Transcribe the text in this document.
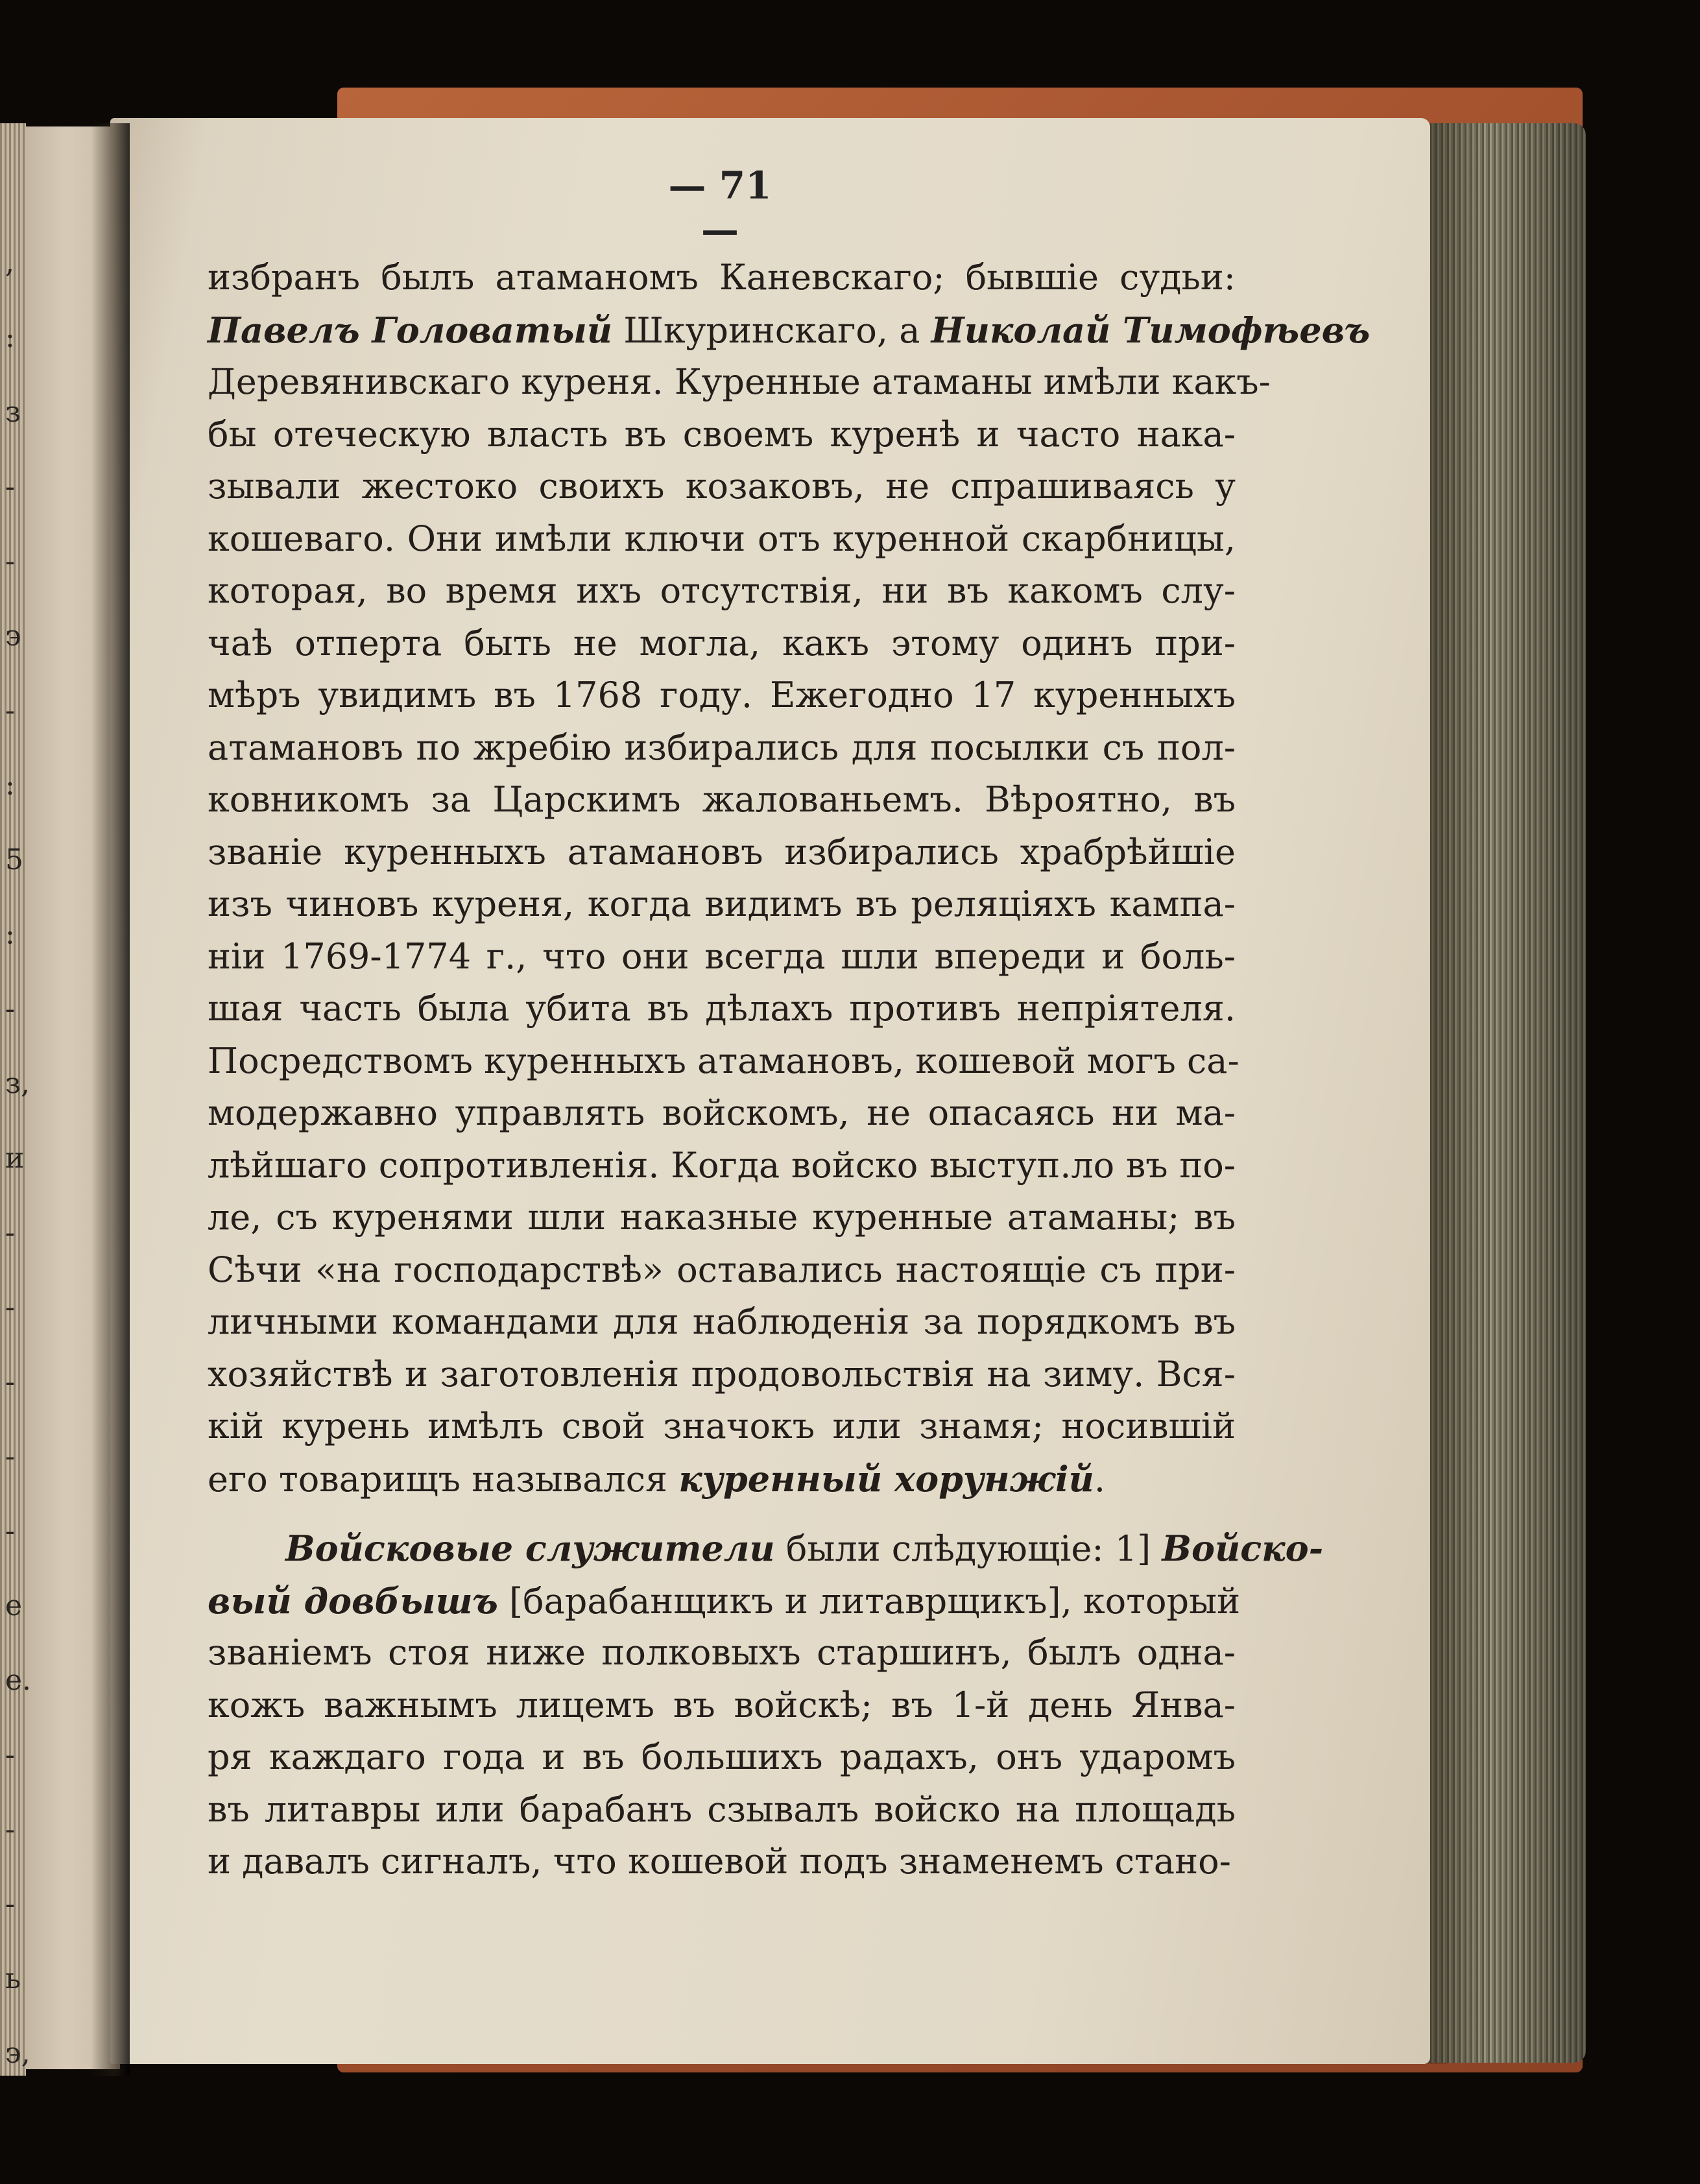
,
:
з
-
-
э
-
:
5
:
-
з,
и
-
-
-
-
-
е
е.
-
-
-
ь
э,
— 71 —
избранъ былъ атаманомъ Каневскаго; бывшіе судьи:
Павелъ Головатый Шкуринскаго, а Николай Тимофѣевъ
Деревянивскаго куреня. Куренные атаманы имѣли какъ-
бы отеческую власть въ своемъ куренѣ и часто нака-
зывали жестоко своихъ козаковъ, не спрашиваясь у
кошеваго. Они имѣли ключи отъ куренной скарбницы,
которая, во время ихъ отсутствія, ни въ какомъ слу-
чаѣ отперта быть не могла, какъ этому одинъ при-
мѣръ увидимъ въ 1768 году. Ежегодно 17 куренныхъ
атамановъ по жребію избирались для посылки съ пол-
ковникомъ за Царскимъ жалованьемъ. Вѣроятно, въ
званіе куренныхъ атамановъ избирались храбрѣйшіе
изъ чиновъ куреня, когда видимъ въ реляціяхъ кампа-
ніи 1769-1774 г., что они всегда шли впереди и боль-
шая часть была убита въ дѣлахъ противъ непріятеля.
Посредствомъ куренныхъ атамановъ, кошевой могъ са-
модержавно управлять войскомъ, не опасаясь ни ма-
лѣйшаго сопротивленія. Когда войско выступ.ло въ по-
ле, съ куренями шли наказные куренные атаманы; въ
Сѣчи «на господарствѣ» оставались настоящіе съ при-
личными командами для наблюденія за порядкомъ въ
хозяйствѣ и заготовленія продовольствія на зиму. Вся-
кій курень имѣлъ свой значокъ или знамя; носившій
его товарищъ назывался куренный хорунжій.
Войсковые служители были слѣдующіе: 1] Войско-
вый довбышъ [барабанщикъ и литаврщикъ], который
званіемъ стоя ниже полковыхъ старшинъ, былъ одна-
кожъ важнымъ лицемъ въ войскѣ; въ 1-й день Янва-
ря каждаго года и въ большихъ радахъ, онъ ударомъ
въ литавры или барабанъ сзывалъ войско на площадь
и давалъ сигналъ, что кошевой подъ знаменемъ стано-
